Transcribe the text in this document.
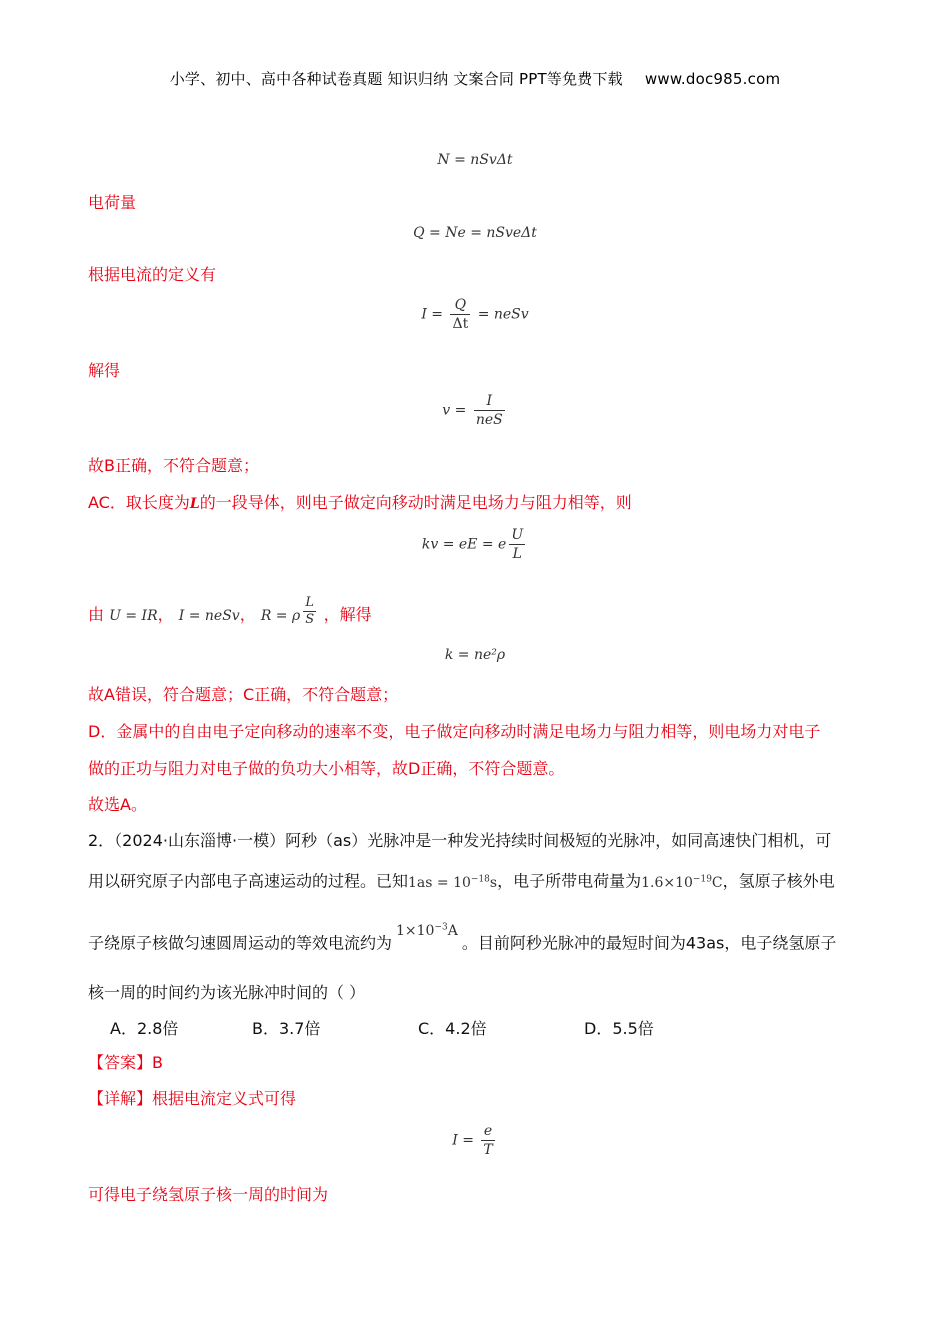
小学、初中、高中各种试卷真题 知识归纳 文案合同 PPT等免费下载 www.doc985.com
N = nSvΔt
电荷量
Q = Ne = nSveΔt
根据电流的定义有
$I = \frac{Q}{\Delta t}$ = neSv
解得
$v = \frac{I}{\text{neS}}$
故B正确，不符合题意；
AC．取长度为L的一段导体，则电子做定向移动时满足电场力与阻力相等，则
kv = eE = e $\frac{U}{L}$
由 U = IR， I = neSv， R = ρ $\frac{L}{S}$ ，解得
k = ne²ρ
故A错误，符合题意；C正确，不符合题意；
D．金属中的自由电子定向移动的速率不变，电子做定向移动时满足电场力与阻力相等，则电场力对电子
做的正功与阻力对电子做的负功大小相等，故D正确，不符合题意。
故选A。
2．（2024·山东淄博·一模）阿秒（as）光脉冲是一种发光持续时间极短的光脉冲，如同高速快门相机，可
用以研究原子内部电子高速运动的过程。已知$1as = 10^{-18}s$，电子所带电荷量为$1.6\times 10^{-19}C$，氢原子核外电
子绕原子核做匀速圆周运动的等效电流约为$1\times 10^{-3}A$。目前阿秒光脉冲的最短时间为43as，电子绕氢原子
核一周的时间约为该光脉冲时间的（ ）
A．2.8倍	B．3.7倍	C．4.2倍	D．5.5倍
【答案】B
【详解】根据电流定义式可得
$I = \frac{e}{T}$
可得电子绕氢原子核一周的时间为
